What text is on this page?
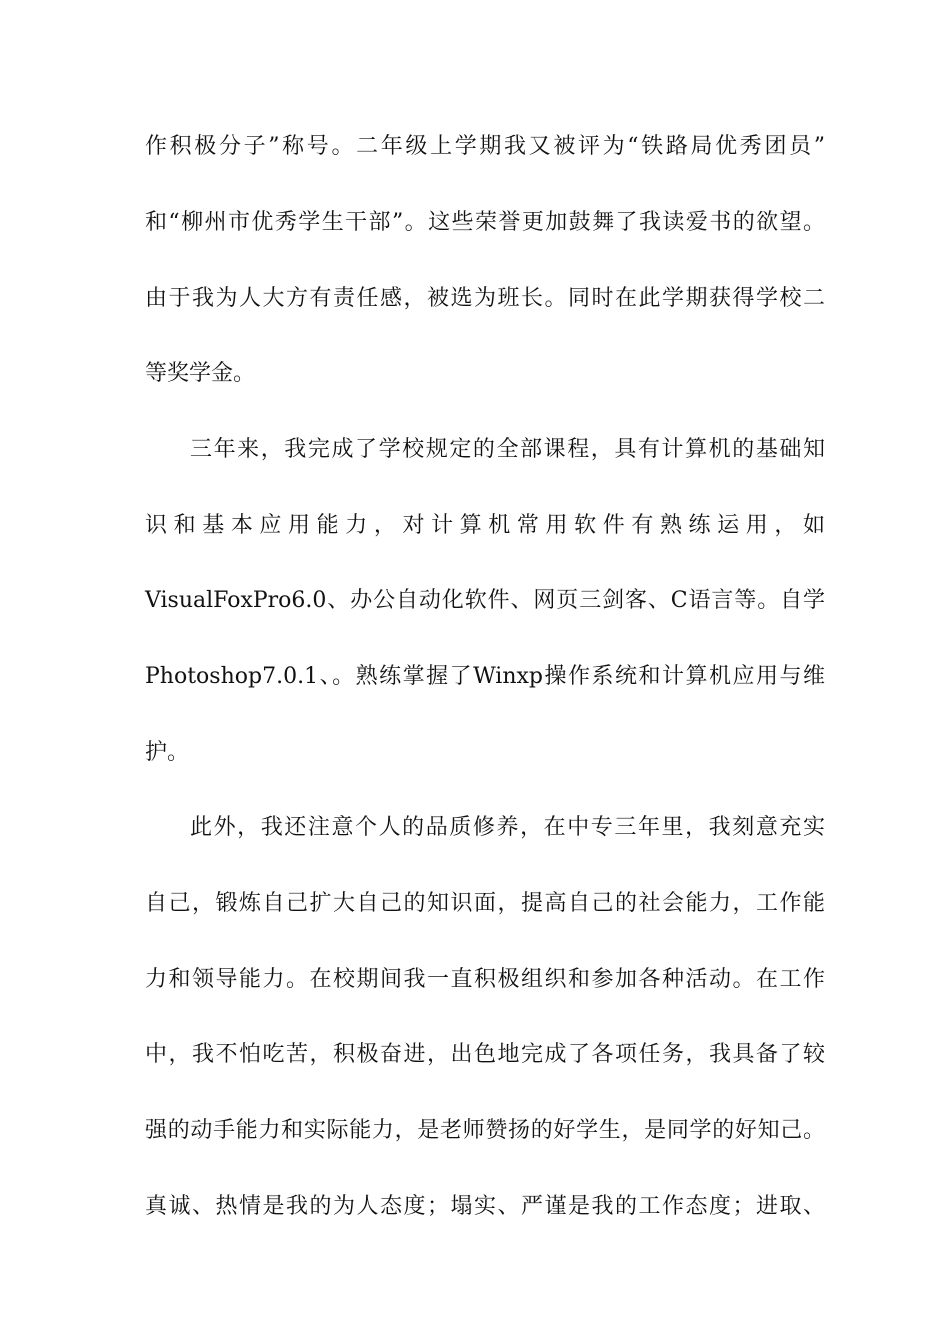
作积极分子”称号。二年级上学期我又被评为“铁路局优秀团员”
和“柳州市优秀学生干部”。这些荣誉更加鼓舞了我读爱书的欲望。
由于我为人大方有责任感，被选为班长。同时在此学期获得学校二
等奖学金。
三年来，我完成了学校规定的全部课程，具有计算机的基础知
识和基本应用能力，对计算机常用软件有熟练运用，如
VisualFoxPro6.0、办公自动化软件、网页三剑客、C语言等。自学
Photoshop7.0.1、。熟练掌握了Winxp操作系统和计算机应用与维
护。
此外，我还注意个人的品质修养，在中专三年里，我刻意充实
自己，锻炼自己扩大自己的知识面，提高自己的社会能力，工作能
力和领导能力。在校期间我一直积极组织和参加各种活动。在工作
中，我不怕吃苦，积极奋进，出色地完成了各项任务，我具备了较
强的动手能力和实际能力，是老师赞扬的好学生，是同学的好知己。
真诚、热情是我的为人态度；塌实、严谨是我的工作态度；进取、
